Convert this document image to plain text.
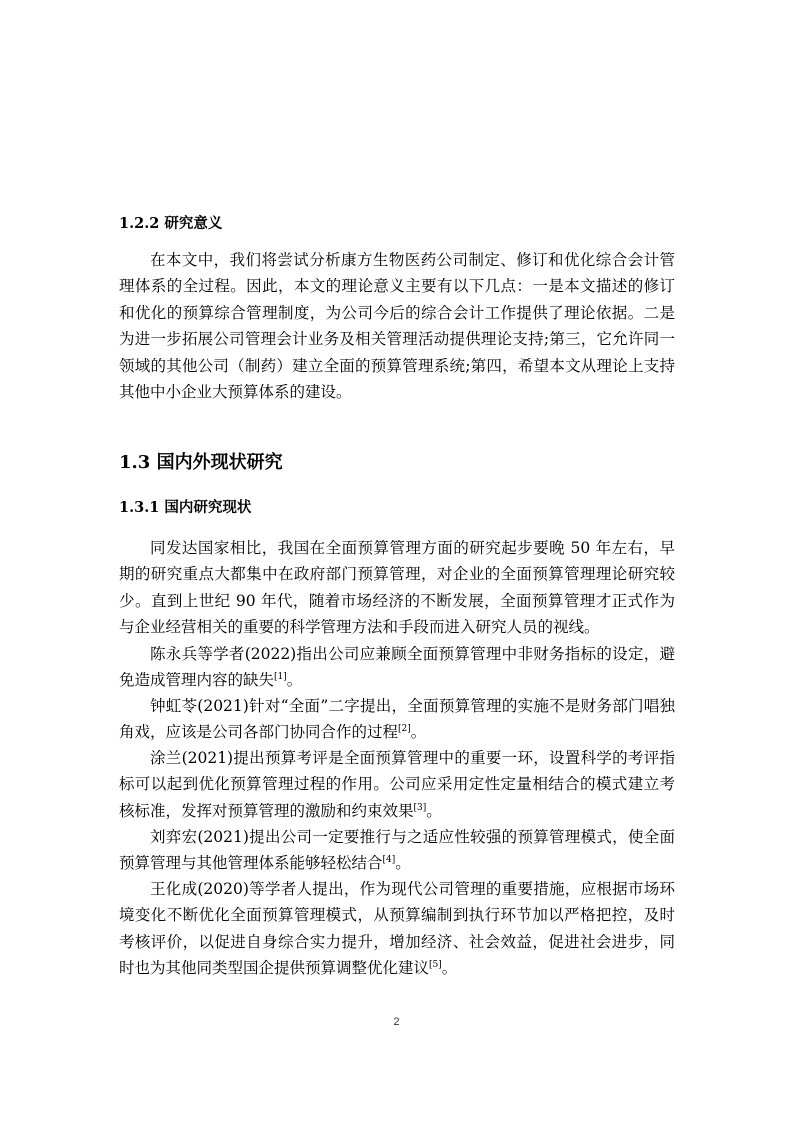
1.2.2 研究意义

在本文中，我们将尝试分析康方生物医药公司制定、修订和优化综合会计管理体系的全过程。因此，本文的理论意义主要有以下几点：一是本文描述的修订和优化的预算综合管理制度，为公司今后的综合会计工作提供了理论依据。二是为进一步拓展公司管理会计业务及相关管理活动提供理论支持;第三，它允许同一领域的其他公司（制药）建立全面的预算管理系统;第四，希望本文从理论上支持其他中小企业大预算体系的建设。

1.3 国内外现状研究
1.3.1 国内研究现状

同发达国家相比，我国在全面预算管理方面的研究起步要晚 50 年左右，早期的研究重点大都集中在政府部门预算管理，对企业的全面预算管理理论研究较少。直到上世纪 90 年代，随着市场经济的不断发展，全面预算管理才正式作为与企业经营相关的重要的科学管理方法和手段而进入研究人员的视线。

陈永兵等学者(2022)指出公司应兼顾全面预算管理中非财务指标的设定，避免造成管理内容的缺失[1]。

钟虹苓(2021)针对“全面”二字提出，全面预算管理的实施不是财务部门唱独角戏，应该是公司各部门协同合作的过程[2]。

涂兰(2021)提出预算考评是全面预算管理中的重要一环，设置科学的考评指标可以起到优化预算管理过程的作用。公司应采用定性定量相结合的模式建立考核标准，发挥对预算管理的激励和约束效果[3]。

刘弈宏(2021)提出公司一定要推行与之适应性较强的预算管理模式，使全面预算管理与其他管理体系能够轻松结合[4]。

王化成(2020)等学者人提出，作为现代公司管理的重要措施，应根据市场环境变化不断优化全面预算管理模式，从预算编制到执行环节加以严格把控，及时考核评价，以促进自身综合实力提升，增加经济、社会效益，促进社会进步，同时也为其他同类型国企提供预算调整优化建议[5]。

2
